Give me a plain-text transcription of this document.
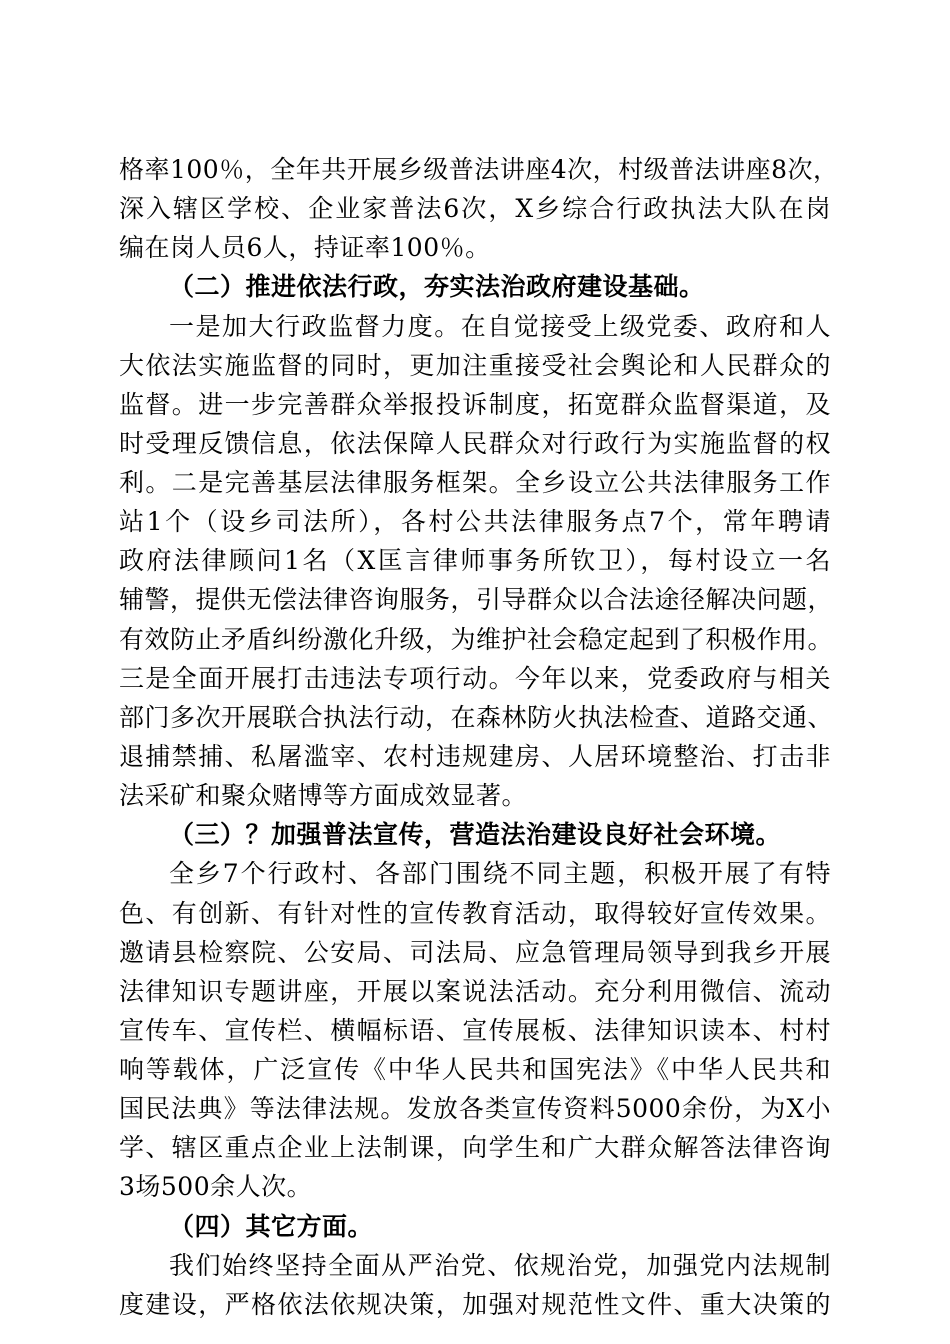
格率100％，全年共开展乡级普法讲座4次，村级普法讲座8次，
深入辖区学校、企业家普法6次，X乡综合行政执法大队在岗
编在岗人员6人，持证率100％。
（二）推进依法行政，夯实法治政府建设基础。
一是加大行政监督力度。在自觉接受上级党委、政府和人
大依法实施监督的同时，更加注重接受社会舆论和人民群众的
监督。进一步完善群众举报投诉制度，拓宽群众监督渠道，及
时受理反馈信息，依法保障人民群众对行政行为实施监督的权
利。二是完善基层法律服务框架。全乡设立公共法律服务工作
站1个（设乡司法所），各村公共法律服务点7个，常年聘请
政府法律顾问1名（X匡言律师事务所钦卫），每村设立一名
辅警，提供无偿法律咨询服务，引导群众以合法途径解决问题，
有效防止矛盾纠纷激化升级，为维护社会稳定起到了积极作用。
三是全面开展打击违法专项行动。今年以来，党委政府与相关
部门多次开展联合执法行动，在森林防火执法检查、道路交通、
退捕禁捕、私屠滥宰、农村违规建房、人居环境整治、打击非
法采矿和聚众赌博等方面成效显著。
（三）？加强普法宣传，营造法治建设良好社会环境。
全乡7个行政村、各部门围绕不同主题，积极开展了有特
色、有创新、有针对性的宣传教育活动，取得较好宣传效果。
邀请县检察院、公安局、司法局、应急管理局领导到我乡开展
法律知识专题讲座，开展以案说法活动。充分利用微信、流动
宣传车、宣传栏、横幅标语、宣传展板、法律知识读本、村村
响等载体，广泛宣传《中华人民共和国宪法》《中华人民共和
国民法典》等法律法规。发放各类宣传资料5000余份，为X小
学、辖区重点企业上法制课，向学生和广大群众解答法律咨询
3场500余人次。
（四）其它方面。
我们始终坚持全面从严治党、依规治党，加强党内法规制
度建设，严格依法依规决策，加强对规范性文件、重大决策的
